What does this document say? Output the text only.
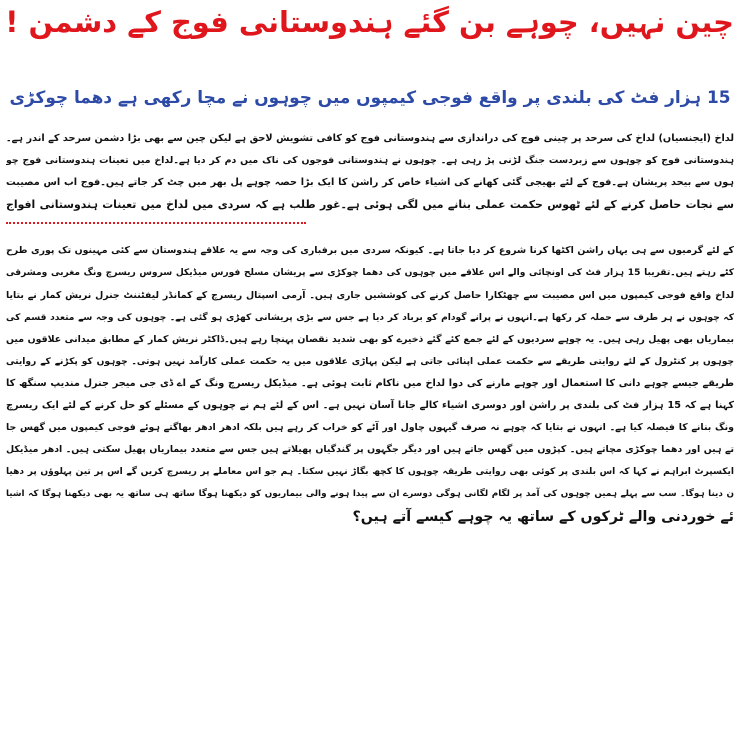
چین نہیں، چوہے بن گئے ہندوستانی فوج کے دشمن !
15 ہزار فٹ کی بلندی پر واقع فوجی کیمپوں میں چوہوں نے مچا رکھی ہے دھما چوکڑی
لداخ (ایجنسیاں) لداخ کی سرحد پر چینی فوج کی دراندازی سے ہندوستانی فوج کو کافی تشویش لاحق ہے لیکن چین سے بھی بڑا دشمن سرحد کے اندر ہے۔
ہندوستانی فوج کو چوہوں سے زبردست جنگ لڑنی پڑ رہی ہے۔ چوہوں نے ہندوستانی فوجوں کی ناک میں دم کر دیا ہے۔لداخ میں تعینات ہندوستانی فوج چو
ہوں سے بیحد پریشان ہے۔فوج کے لئے بھیجی گئی کھانے کی اشیاء خاص کر راشن کا ایک بڑا حصہ چوہے پل بھر میں چٹ کر جاتے ہیں۔فوج اب اس مصیبت
سے نجات حاصل کرنے کے لئے ٹھوس حکمت عملی بنانے میں لگی ہوئی ہے۔غور طلب ہے کہ سردی میں لداخ میں تعینات ہندوستانی افواج
کے لئے گرمیوں سے ہی یہاں راشن اکٹھا کرنا شروع کر دیا جاتا ہے۔ کیونکہ سردی میں برفباری کی وجہ سے یہ علاقے ہندوستان سے کئی مہینوں تک پوری طرح
کٹے رہتے ہیں۔تقریبا 15 ہزار فٹ کی اونچائی والے اس علاقے میں چوہوں کی دھما چوکڑی سے پریشان مسلح فورس میڈیکل سروس ریسرچ ونگ مغربی ومشرقی
لداخ واقع فوجی کیمپوں میں اس مصیبت سے چھٹکارا حاصل کرنے کی کوششیں جاری ہیں۔ آرمی اسپتال ریسرچ کے کمانڈر لیفٹننٹ جنرل نریش کمار نے بتایا
کہ چوہوں نے ہر طرف سے حملہ کر رکھا ہے۔انہوں نے پرانے گودام کو برباد کر دیا ہے جس سے بڑی پریشانی کھڑی ہو گئی ہے۔ چوہوں کی وجہ سے متعدد قسم کی
بیماریاں بھی پھیل رہی ہیں۔ یہ چوہے سردیوں کے لئے جمع کئے گئے ذخیرے کو بھی شدید نقصان پہنچا رہے ہیں۔ڈاکٹر نریش کمار کے مطابق میدانی علاقوں میں
چوہوں پر کنٹرول کے لئے روایتی طریقے سے حکمت عملی اپنائی جاتی ہے لیکن پہاڑی علاقوں میں یہ حکمت عملی کارآمد نہیں ہوتی۔ چوہوں کو پکڑنے کے روایتی
طریقے جیسے چوہے دانی کا استعمال اور چوہے مارنے کی دوا لداخ میں ناکام ثابت ہوئی ہے۔ میڈیکل ریسرچ ونگ کے اے ڈی جی میجر جنرل مندیپ سنگھ کا
کہنا ہے کہ 15 ہزار فٹ کی بلندی پر راشن اور دوسری اشیاء کالے جانا آسان نہیں ہے۔ اس کے لئے ہم نے چوہوں کے مسئلے کو حل کرنے کے لئے ایک ریسرچ
ونگ بنانے کا فیصلہ کیا ہے۔ انہوں نے بتایا کہ چوہے نہ صرف گیہوں چاول اور آٹے کو خراب کر رہے ہیں بلکہ ادھر ادھر بھاگتے ہوئے فوجی کیمپوں میں گھس جا
تے ہیں اور دھما چوکڑی مچاتے ہیں۔ کپڑوں میں گھس جاتے ہیں اور دیگر جگہوں پر گندگیاں پھیلاتے ہیں جس سے متعدد بیماریاں پھیل سکتی ہیں۔ ادھر میڈیکل
ایکسپرٹ ابراہم نے کہا کہ اس بلندی پر کوئی بھی روایتی طریقہ چوہوں کا کچھ بگاڑ نہیں سکتا۔ ہم جو اس معاملے پر ریسرچ کریں گے اس پر تین پہلوؤں پر دھیا
ن دینا ہوگا۔ سب سے پہلے ہمیں چوہوں کی آمد پر لگام لگانی ہوگی دوسرے ان سے پیدا ہونے والی بیماریوں کو دیکھنا ہوگا ساتھ ہی ساتھ یہ بھی دیکھنا ہوگا کہ اشیا
ئے خوردنی والے ٹرکوں کے ساتھ یہ چوہے کیسے آتے ہیں؟
